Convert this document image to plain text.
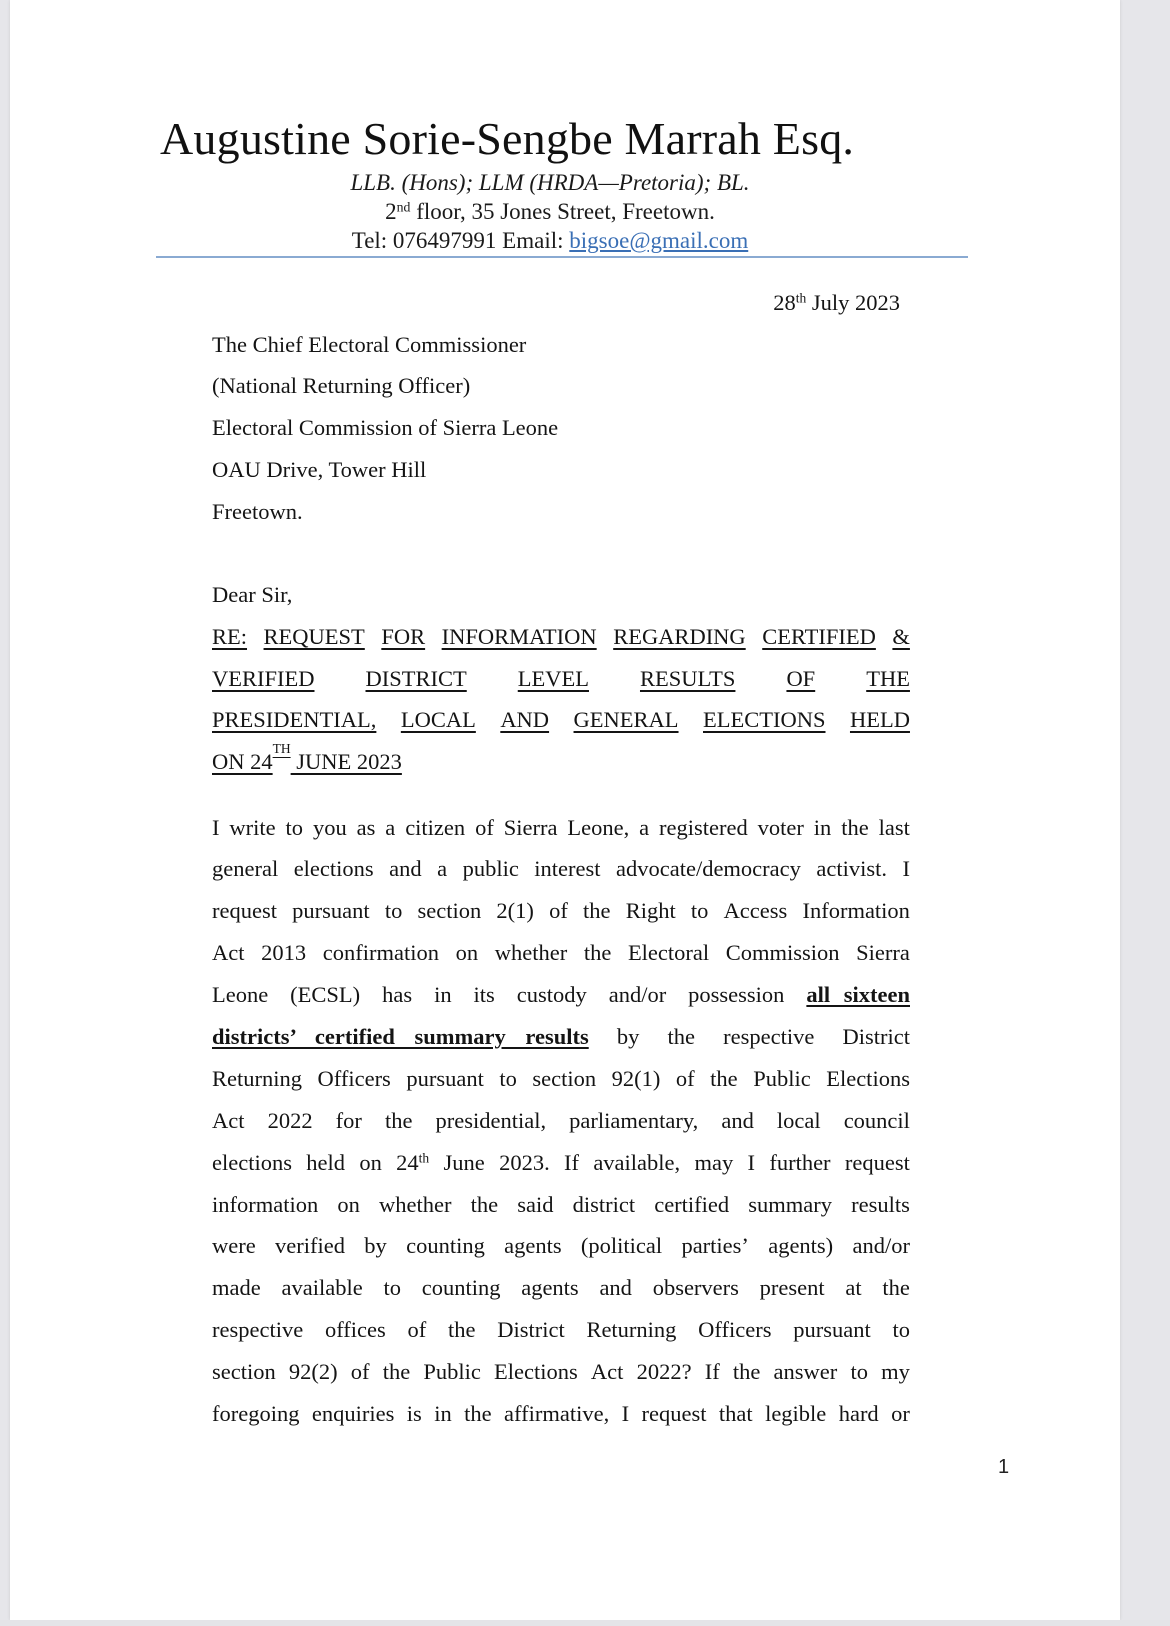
Augustine Sorie-Sengbe Marrah Esq.
LLB. (Hons); LLM (HRDA—Pretoria); BL.
2nd floor, 35 Jones Street, Freetown.
Tel: 076497991 Email: bigsoe@gmail.com
28th July 2023
The Chief Electoral Commissioner
(National Returning Officer)
Electoral Commission of Sierra Leone
OAU Drive, Tower Hill
Freetown.
Dear Sir,
RE: REQUEST FOR INFORMATION REGARDING CERTIFIED &
VERIFIED DISTRICT LEVEL RESULTS OF THE
PRESIDENTIAL, LOCAL AND GENERAL ELECTIONS HELD
ON 24
TH
JUNE 2023
I write to you as a citizen of Sierra Leone, a registered voter in the last
general elections and a public interest advocate/democracy activist. I
request pursuant to section 2(1) of the Right to Access Information
Act 2013 confirmation on whether the Electoral Commission Sierra
Leone (ECSL) has in its custody and/or possession all sixteen
districts’ certified summary results by the respective District
Returning Officers pursuant to section 92(1) of the Public Elections
Act 2022 for the presidential, parliamentary, and local council
elections held on 24th June 2023. If available, may I further request
information on whether the said district certified summary results
were verified by counting agents (political parties’ agents) and/or
made available to counting agents and observers present at the
respective offices of the District Returning Officers pursuant to
section 92(2) of the Public Elections Act 2022? If the answer to my
foregoing enquiries is in the affirmative, I request that legible hard or
1
